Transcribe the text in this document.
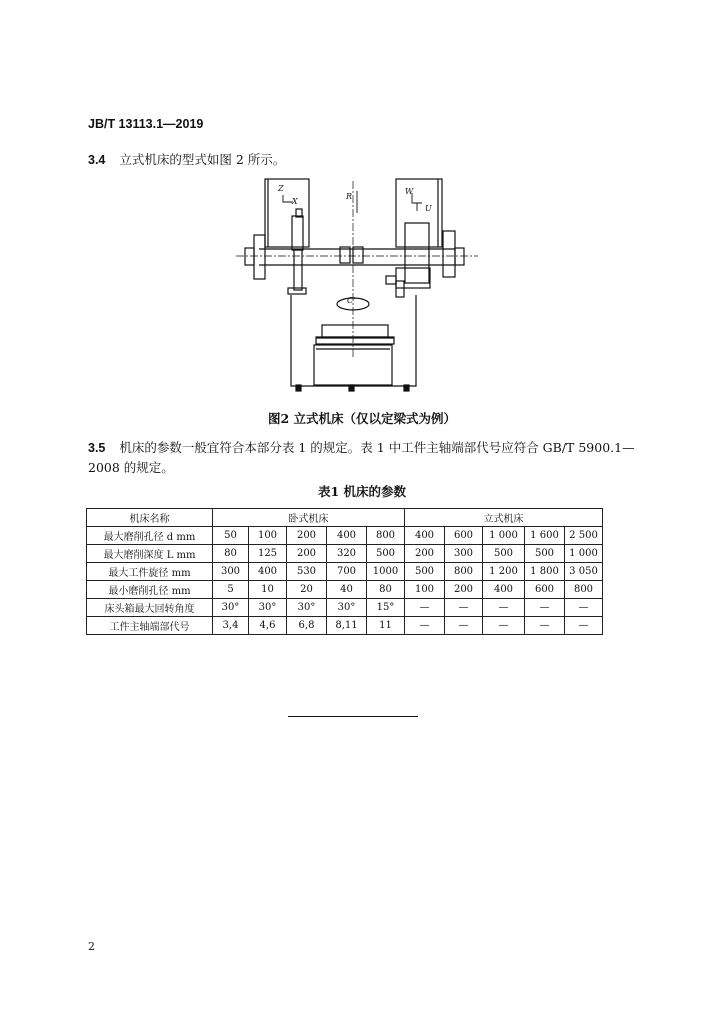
JB/T 13113.1—2019
3.4 立式机床的型式如图 2 所示。
Z
X
R
W
U
C'
图2 立式机床（仅以定梁式为例）
3.5 机床的参数一般宜符合本部分表 1 的规定。表 1 中工件主轴端部代号应符合 GB/T 5900.1—2008 的规定。
表1 机床的参数
机床名称	卧式机床					立式机床				
最大磨削孔径 d mm	50	100	200	400	800	400	600	1 000	1 600	2 500
最大磨削深度 L mm	80	125	200	320	500	200	300	500	500	1 000
最大工件旋径 mm	300	400	530	700	1000	500	800	1 200	1 800	3 050
最小磨削孔径 mm	5	10	20	40	80	100	200	400	600	800
床头箱最大回转角度	30°	30°	30°	30°	15°	—	—	—	—	—
工件主轴端部代号	3,4	4,6	6,8	8,11	11	—	—	—	—	—
2
